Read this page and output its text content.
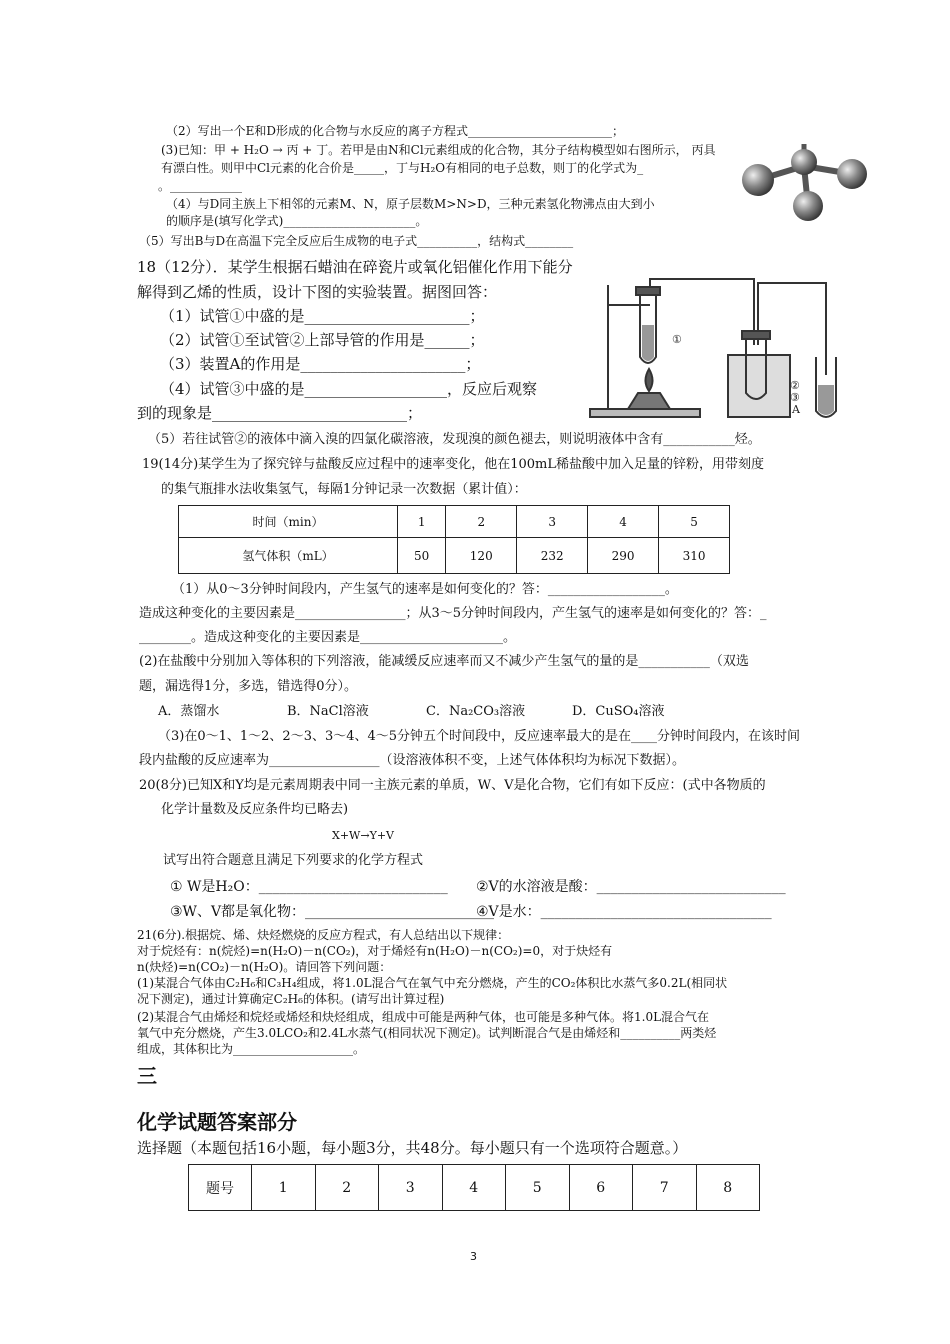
（2）写出一个E和D形成的化合物与水反应的离子方程式________________________；
(3)已知：甲 + H₂O → 丙 + 丁。若甲是由N和Cl元素组成的化合物，其分子结构模型如右图所示， 丙具
有漂白性。则甲中Cl元素的化合价是_____，丁与H₂O有相同的电子总数，则丁的化学式为_
。____________
（4）与D同主族上下相邻的元素M、N，原子层数M>N>D，三种元素氢化物沸点由大到小
的顺序是(填写化学式)______________________。
（5）写出B与D在高温下完全反应后生成物的电子式__________，结构式________
18（12分）．某学生根据石蜡油在碎瓷片或氧化铝催化作用下能分
解得到乙烯的性质，设计下图的实验装置。据图回答：
（1）试管①中盛的是______________________；
（2）试管①至试管②上部导管的作用是______；
（3）装置A的作用是______________________；
（4）试管③中盛的是___________________，反应后观察
到的现象是__________________________；
（5）若往试管②的液体中滴入溴的四氯化碳溶液，发现溴的颜色褪去，则说明液体中含有___________烃。
①
②
③
A
19(14分)某学生为了探究锌与盐酸反应过程中的速率变化，他在100mL稀盐酸中加入足量的锌粉，用带刻度
的集气瓶排水法收集氢气，每隔1分钟记录一次数据（累计值）：
时间（min）	1	2	3	4	5
氢气体积（mL）	50	120	232	290	310
（1）从0～3分钟时间段内，产生氢气的速率是如何变化的？答：__________________。
造成这种变化的主要因素是_________________；从3～5分钟时间段内，产生氢气的速率是如何变化的？答：_
________。造成这种变化的主要因素是______________________。
(2)在盐酸中分别加入等体积的下列溶液，能减缓反应速率而又不减少产生氢气的量的是___________（双选
题，漏选得1分，多选，错选得0分）。
A．蒸馏水	B．NaCl溶液	C．Na₂CO₃溶液	D．CuSO₄溶液
（3)在0～1、1～2、2～3、3～4、4～5分钟五个时间段中，反应速率最大的是在____分钟时间段内，在该时间
段内盐酸的反应速率为_________________（设溶液体积不变，上述气体体积均为标况下数据）。
20(8分)已知X和Y均是元素周期表中同一主族元素的单质，W、V是化合物，它们有如下反应：(式中各物质的
化学计量数及反应条件均已略去)
X+W→Y+V
试写出符合题意且满足下列要求的化学方程式
① W是H₂O：___________________________ ②V的水溶液是酸：___________________________
③W、V都是氧化物：___________________________
④V是水：_________________________________
21(6分).根据烷、烯、炔烃燃烧的反应方程式，有人总结出以下规律：
对于烷烃有：n(烷烃)=n(H₂O)－n(CO₂)，对于烯烃有n(H₂O)－n(CO₂)=0，对于炔烃有
n(炔烃)=n(CO₂)－n(H₂O)。请回答下列问题：
(1)某混合气体由C₂H₆和C₃H₄组成，将1.0L混合气在氧气中充分燃烧，产生的CO₂体积比水蒸气多0.2L(相同状
况下测定)，通过计算确定C₂H₆的体积。(请写出计算过程)
(2)某混合气由烯烃和烷烃或烯烃和炔烃组成，组成中可能是两种气体，也可能是多种气体。将1.0L混合气在
氧气中充分燃烧，产生3.0LCO₂和2.4L水蒸气(相同状况下测定)。试判断混合气是由烯烃和__________两类烃
组成，其体积比为____________________。
三
化学试题答案部分
选择题（本题包括16小题，每小题3分，共48分。每小题只有一个选项符合题意。）
题号	1	2	3	4	5	6	7	8
3
